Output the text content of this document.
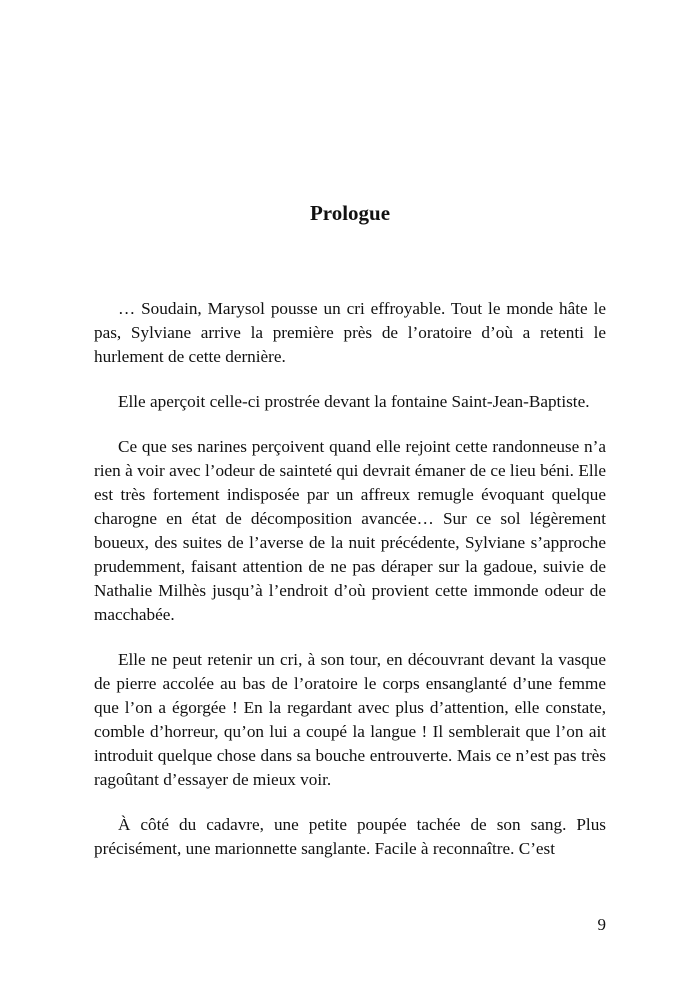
Prologue

… Soudain, Marysol pousse un cri effroyable. Tout le monde hâte le pas, Sylviane arrive la première près de l’oratoire d’où a retenti le hurlement de cette dernière.

Elle aperçoit celle-ci prostrée devant la fontaine Saint-Jean-Baptiste.

Ce que ses narines perçoivent quand elle rejoint cette randonneuse n’a rien à voir avec l’odeur de sainteté qui devrait émaner de ce lieu béni. Elle est très fortement indisposée par un affreux remugle évoquant quelque charogne en état de décomposition avancée… Sur ce sol légèrement boueux, des suites de l’averse de la nuit précédente, Sylviane s’approche prudemment, faisant attention de ne pas déraper sur la gadoue, suivie de Nathalie Milhès jusqu’à l’endroit d’où provient cette immonde odeur de macchabée.

Elle ne peut retenir un cri, à son tour, en découvrant devant la vasque de pierre accolée au bas de l’oratoire le corps ensanglanté d’une femme que l’on a égorgée ! En la regardant avec plus d’attention, elle constate, comble d’horreur, qu’on lui a coupé la langue ! Il semblerait que l’on ait introduit quelque chose dans sa bouche entrouverte. Mais ce n’est pas très ragoûtant d’essayer de mieux voir.

À côté du cadavre, une petite poupée tachée de son sang. Plus précisément, une marionnette sanglante. Facile à reconnaître. C’est

9
